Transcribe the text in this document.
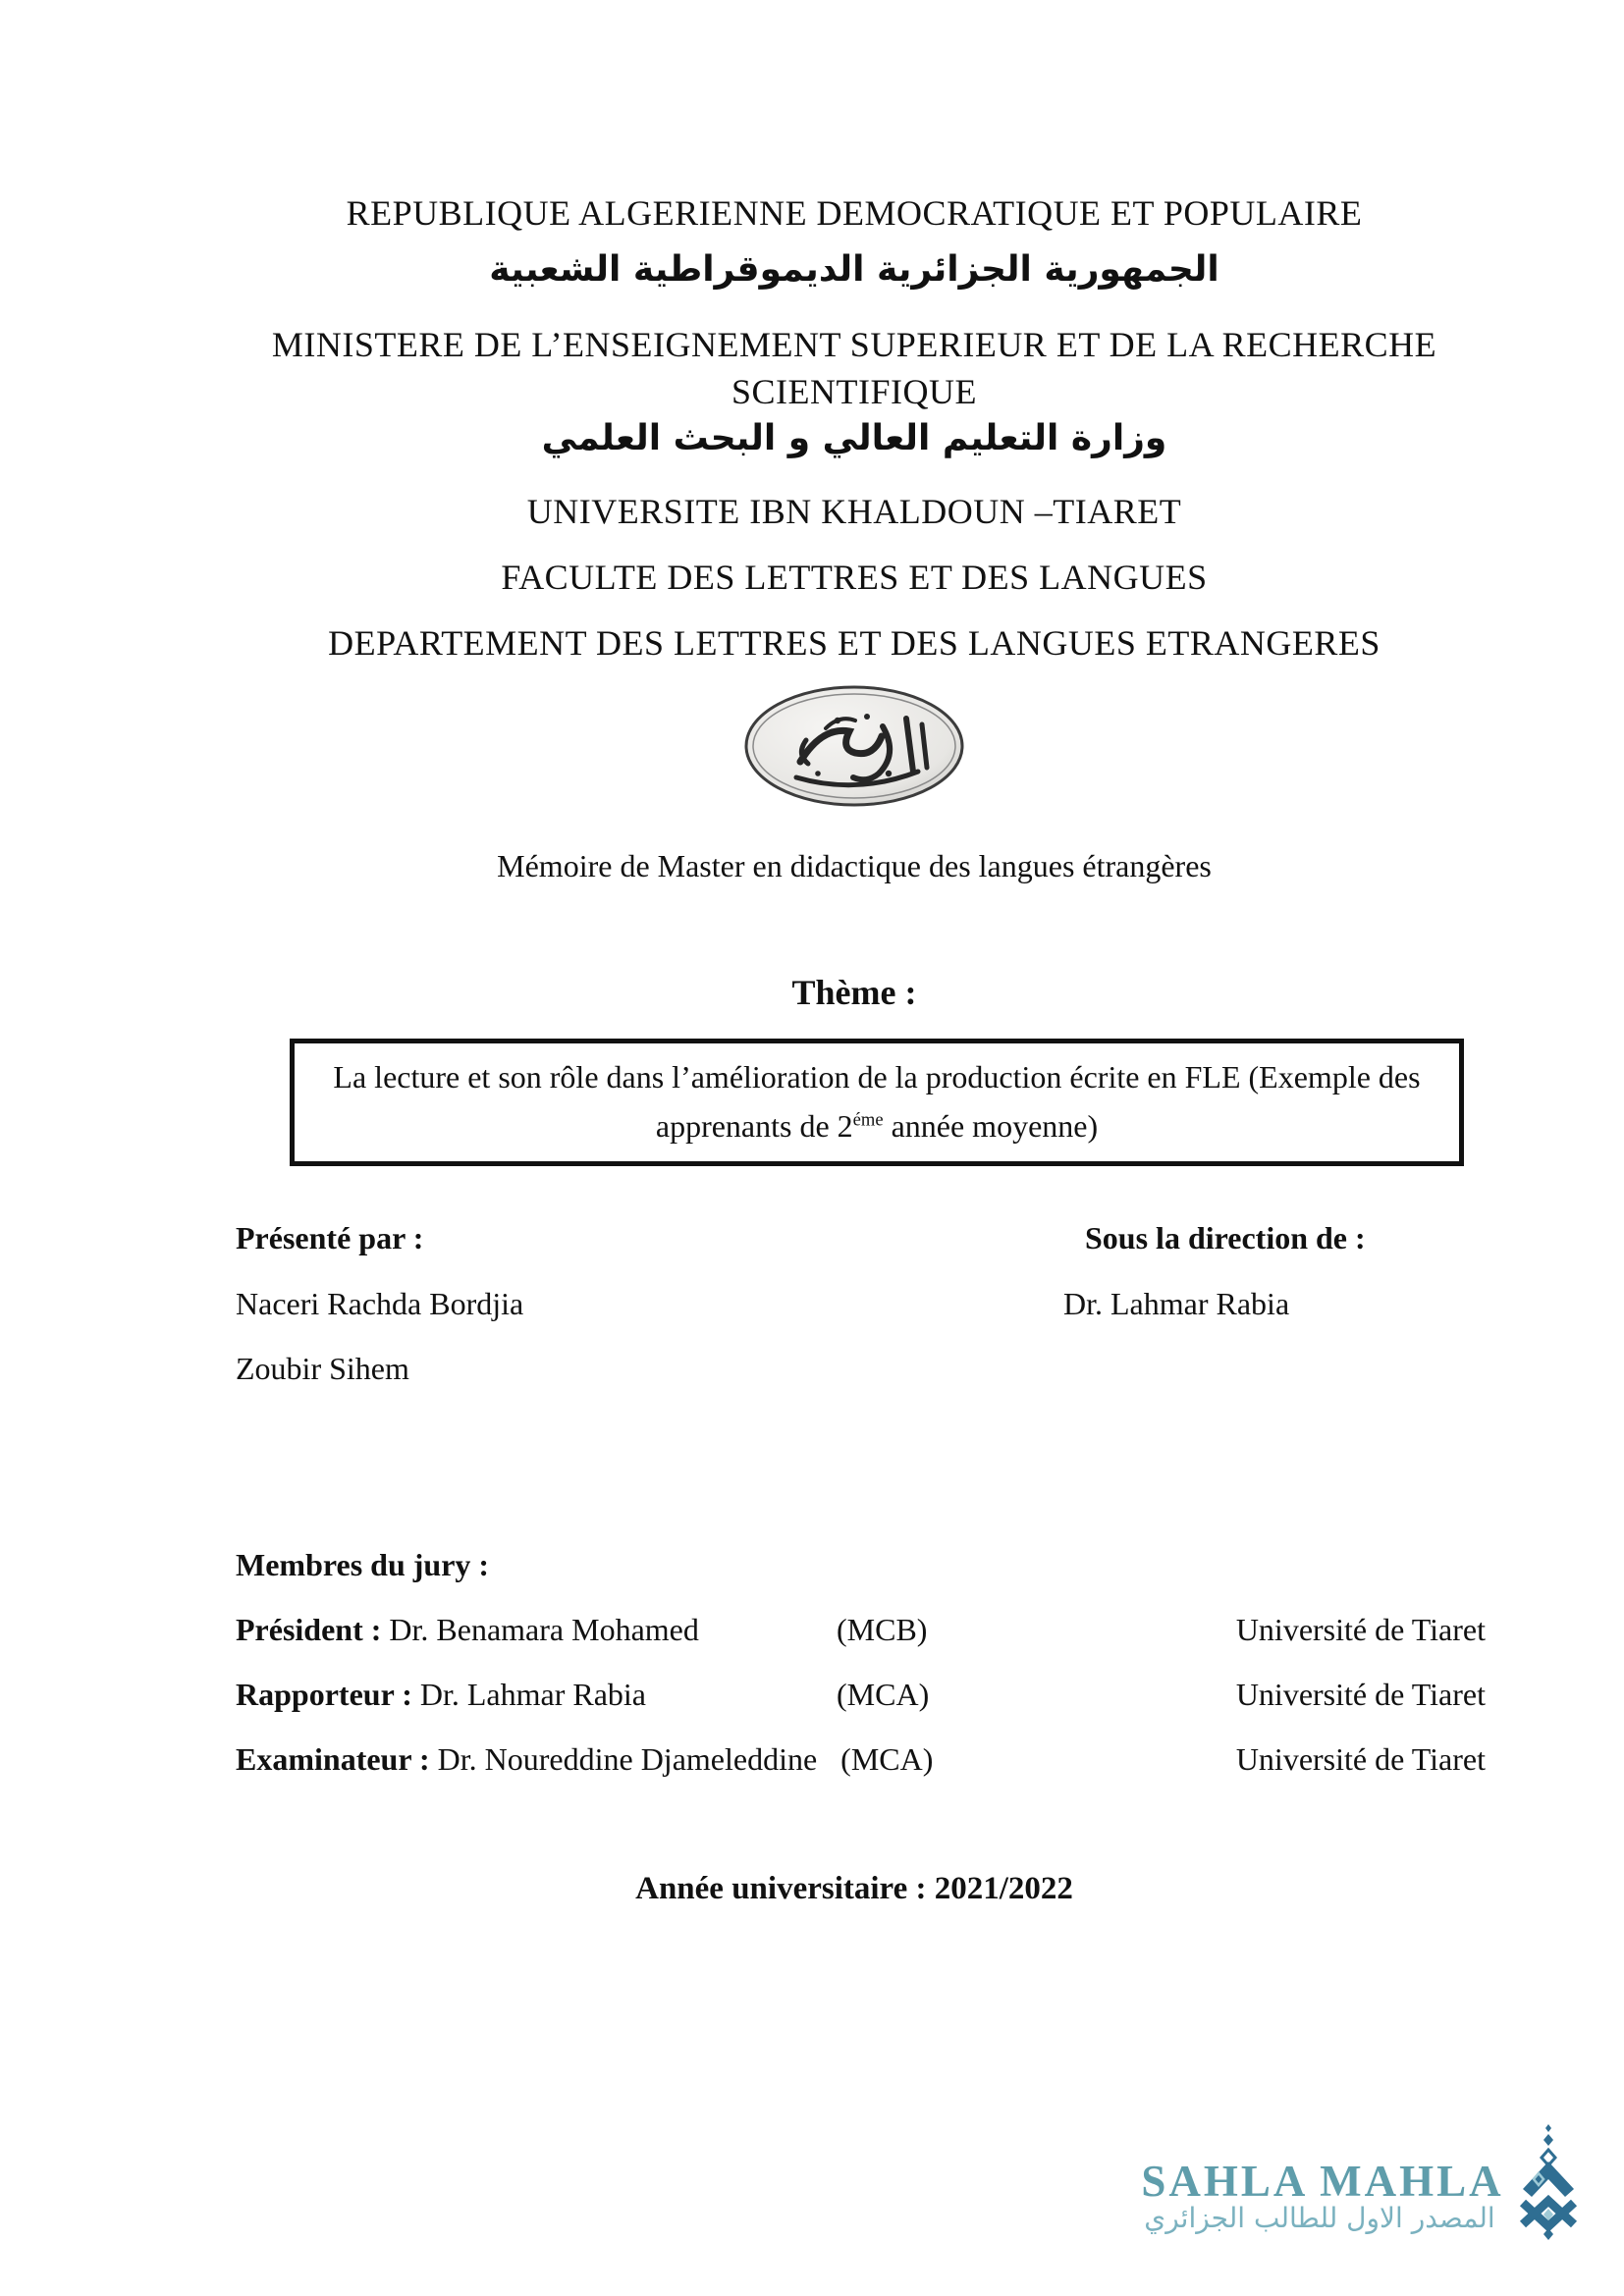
REPUBLIQUE ALGERIENNE DEMOCRATIQUE ET POPULAIRE
الجمهورية الجزائرية الديموقراطية الشعبية
MINISTERE DE L’ENSEIGNEMENT SUPERIEUR ET DE LA RECHERCHE
SCIENTIFIQUE
وزارة التعليم العالي و البحث العلمي
UNIVERSITE IBN KHALDOUN –TIARET
FACULTE DES LETTRES ET DES LANGUES
DEPARTEMENT DES LETTRES ET DES LANGUES ETRANGERES
Mémoire de Master en didactique des langues étrangères
Thème :
La lecture et son rôle dans l’amélioration de la production écrite en FLE (Exemple des
apprenants de $2^{éme}$ année moyenne)
Présenté par :	Sous la direction de :
Naceri Rachda Bordjia	Dr. Lahmar Rabia
Zoubir Sihem
Membres du jury :
Président : Dr. Benamara Mohamed	(MCB)	Université de Tiaret
Rapporteur : Dr. Lahmar Rabia	(MCA)	Université de Tiaret
Examinateur : Dr. Noureddine Djameleddine (MCA)	Université de Tiaret
Année universitaire : 2021/2022
SAHLA MAHLA
المصدر الاول للطالب الجزائري
